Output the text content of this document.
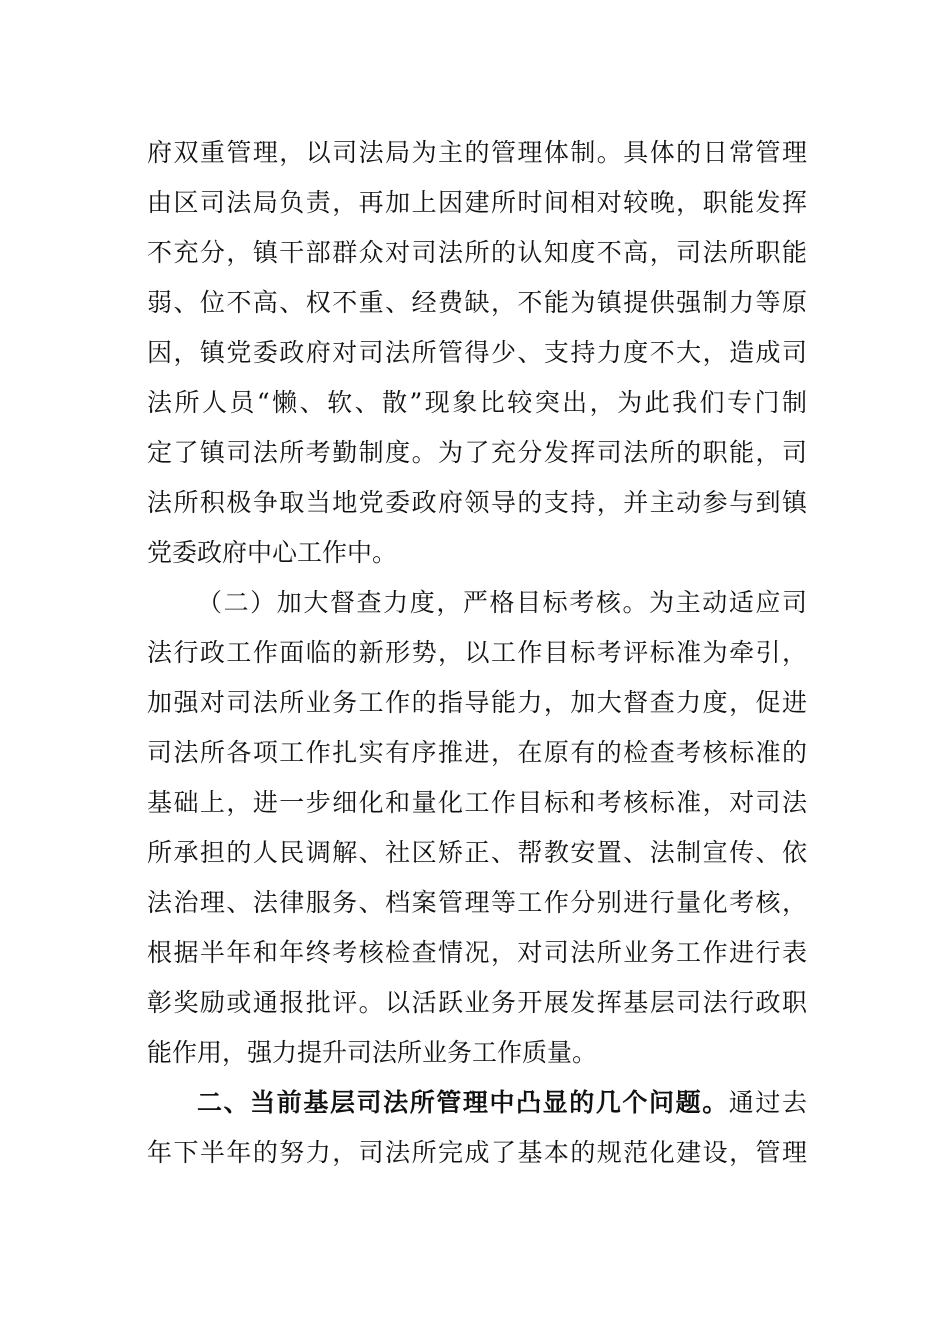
府双重管理，以司法局为主的管理体制。具体的日常管理
由区司法局负责，再加上因建所时间相对较晚，职能发挥
不充分，镇干部群众对司法所的认知度不高，司法所职能
弱、位不高、权不重、经费缺，不能为镇提供强制力等原
因，镇党委政府对司法所管得少、支持力度不大，造成司
法所人员“懒、软、散”现象比较突出，为此我们专门制
定了镇司法所考勤制度。为了充分发挥司法所的职能，司
法所积极争取当地党委政府领导的支持，并主动参与到镇
党委政府中心工作中。
（二）加大督查力度，严格目标考核。为主动适应司
法行政工作面临的新形势，以工作目标考评标准为牵引，
加强对司法所业务工作的指导能力，加大督查力度，促进
司法所各项工作扎实有序推进，在原有的检查考核标准的
基础上，进一步细化和量化工作目标和考核标准，对司法
所承担的人民调解、社区矫正、帮教安置、法制宣传、依
法治理、法律服务、档案管理等工作分别进行量化考核，
根据半年和年终考核检查情况，对司法所业务工作进行表
彰奖励或通报批评。以活跃业务开展发挥基层司法行政职
能作用，强力提升司法所业务工作质量。
二、当前基层司法所管理中凸显的几个问题。通过去
年下半年的努力，司法所完成了基本的规范化建设，管理
